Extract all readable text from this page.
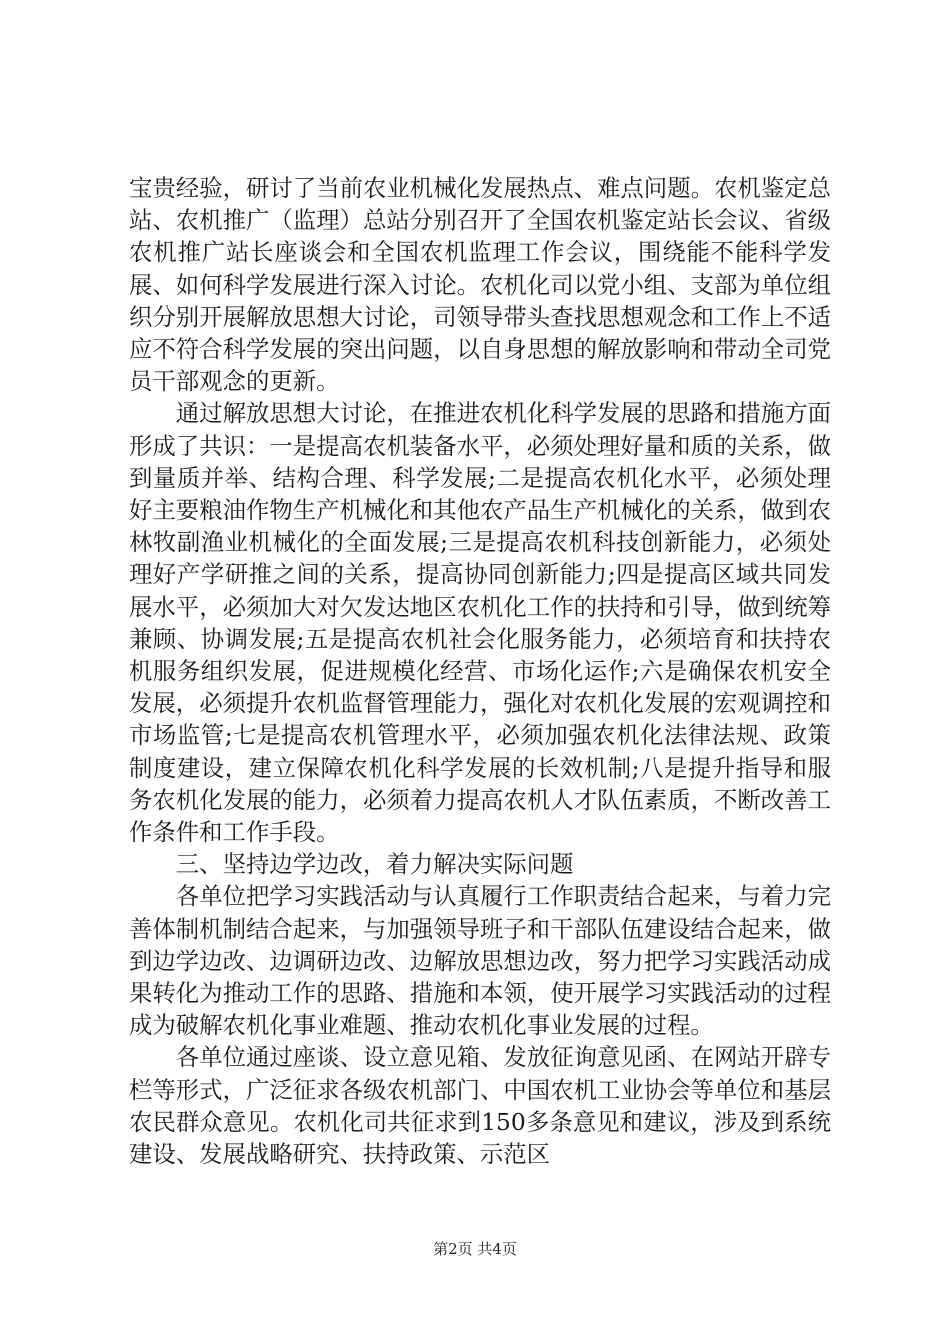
宝贵经验，研讨了当前农业机械化发展热点、难点问题。农机鉴定总站、农机推广（监理）总站分别召开了全国农机鉴定站长会议、省级农机推广站长座谈会和全国农机监理工作会议，围绕能不能科学发展、如何科学发展进行深入讨论。农机化司以党小组、支部为单位组织分别开展解放思想大讨论，司领导带头查找思想观念和工作上不适应不符合科学发展的突出问题，以自身思想的解放影响和带动全司党员干部观念的更新。

通过解放思想大讨论，在推进农机化科学发展的思路和措施方面形成了共识：一是提高农机装备水平，必须处理好量和质的关系，做到量质并举、结构合理、科学发展;二是提高农机化水平，必须处理好主要粮油作物生产机械化和其他农产品生产机械化的关系，做到农林牧副渔业机械化的全面发展;三是提高农机科技创新能力，必须处理好产学研推之间的关系，提高协同创新能力;四是提高区域共同发展水平，必须加大对欠发达地区农机化工作的扶持和引导，做到统筹兼顾、协调发展;五是提高农机社会化服务能力，必须培育和扶持农机服务组织发展，促进规模化经营、市场化运作;六是确保农机安全发展，必须提升农机监督管理能力，强化对农机化发展的宏观调控和市场监管;七是提高农机管理水平，必须加强农机化法律法规、政策制度建设，建立保障农机化科学发展的长效机制;八是提升指导和服务农机化发展的能力，必须着力提高农机人才队伍素质，不断改善工作条件和工作手段。

三、坚持边学边改，着力解决实际问题

各单位把学习实践活动与认真履行工作职责结合起来，与着力完善体制机制结合起来，与加强领导班子和干部队伍建设结合起来，做到边学边改、边调研边改、边解放思想边改，努力把学习实践活动成果转化为推动工作的思路、措施和本领，使开展学习实践活动的过程成为破解农机化事业难题、推动农机化事业发展的过程。

各单位通过座谈、设立意见箱、发放征询意见函、在网站开辟专栏等形式，广泛征求各级农机部门、中国农机工业协会等单位和基层农民群众意见。农机化司共征求到150多条意见和建议，涉及到系统建设、发展战略研究、扶持政策、示范区

第2页 共4页
